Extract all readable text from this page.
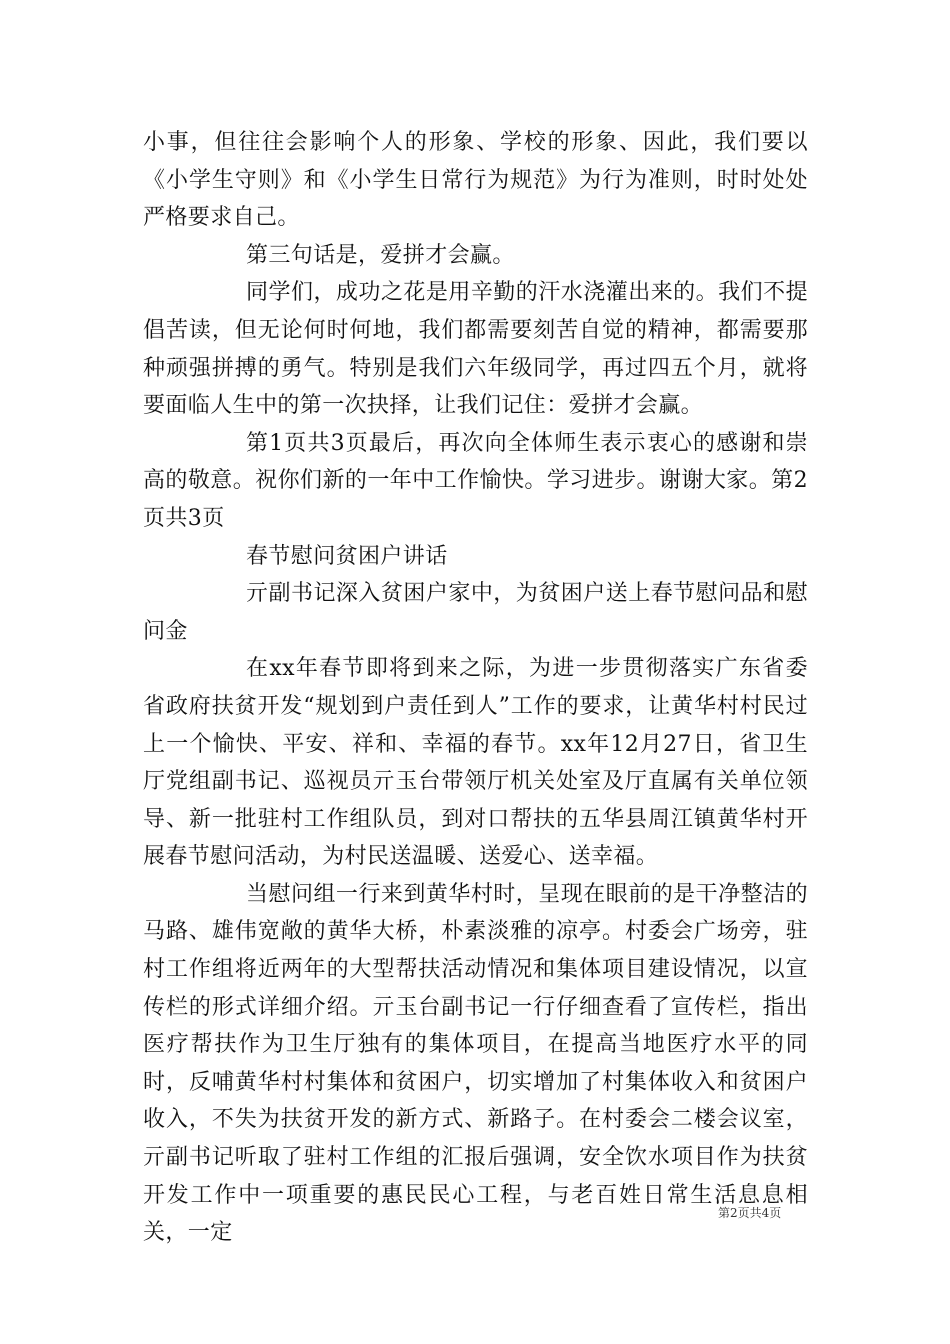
小事，但往往会影响个人的形象、学校的形象、因此，我们要以《小学生守则》和《小学生日常行为规范》为行为准则，时时处处严格要求自己。

第三句话是，爱拼才会赢。

同学们，成功之花是用辛勤的汗水浇灌出来的。我们不提倡苦读，但无论何时何地，我们都需要刻苦自觉的精神，都需要那种顽强拼搏的勇气。特别是我们六年级同学，再过四五个月，就将要面临人生中的第一次抉择，让我们记住：爱拼才会赢。

第1页共3页最后，再次向全体师生表示衷心的感谢和崇高的敬意。祝你们新的一年中工作愉快。学习进步。谢谢大家。第2页共3页

春节慰问贫困户讲话

亓副书记深入贫困户家中，为贫困户送上春节慰问品和慰问金

在xx年春节即将到来之际，为进一步贯彻落实广东省委省政府扶贫开发“规划到户责任到人”工作的要求，让黄华村村民过上一个愉快、平安、祥和、幸福的春节。xx年12月27日，省卫生厅党组副书记、巡视员亓玉台带领厅机关处室及厅直属有关单位领导、新一批驻村工作组队员，到对口帮扶的五华县周江镇黄华村开展春节慰问活动，为村民送温暖、送爱心、送幸福。

当慰问组一行来到黄华村时，呈现在眼前的是干净整洁的马路、雄伟宽敞的黄华大桥，朴素淡雅的凉亭。村委会广场旁，驻村工作组将近两年的大型帮扶活动情况和集体项目建设情况，以宣传栏的形式详细介绍。亓玉台副书记一行仔细查看了宣传栏，指出医疗帮扶作为卫生厅独有的集体项目，在提高当地医疗水平的同时，反哺黄华村村集体和贫困户，切实增加了村集体收入和贫困户收入，不失为扶贫开发的新方式、新路子。在村委会二楼会议室，亓副书记听取了驻村工作组的汇报后强调，安全饮水项目作为扶贫开发工作中一项重要的惠民民心工程，与老百姓日常生活息息相关，一定

第2页共4页
